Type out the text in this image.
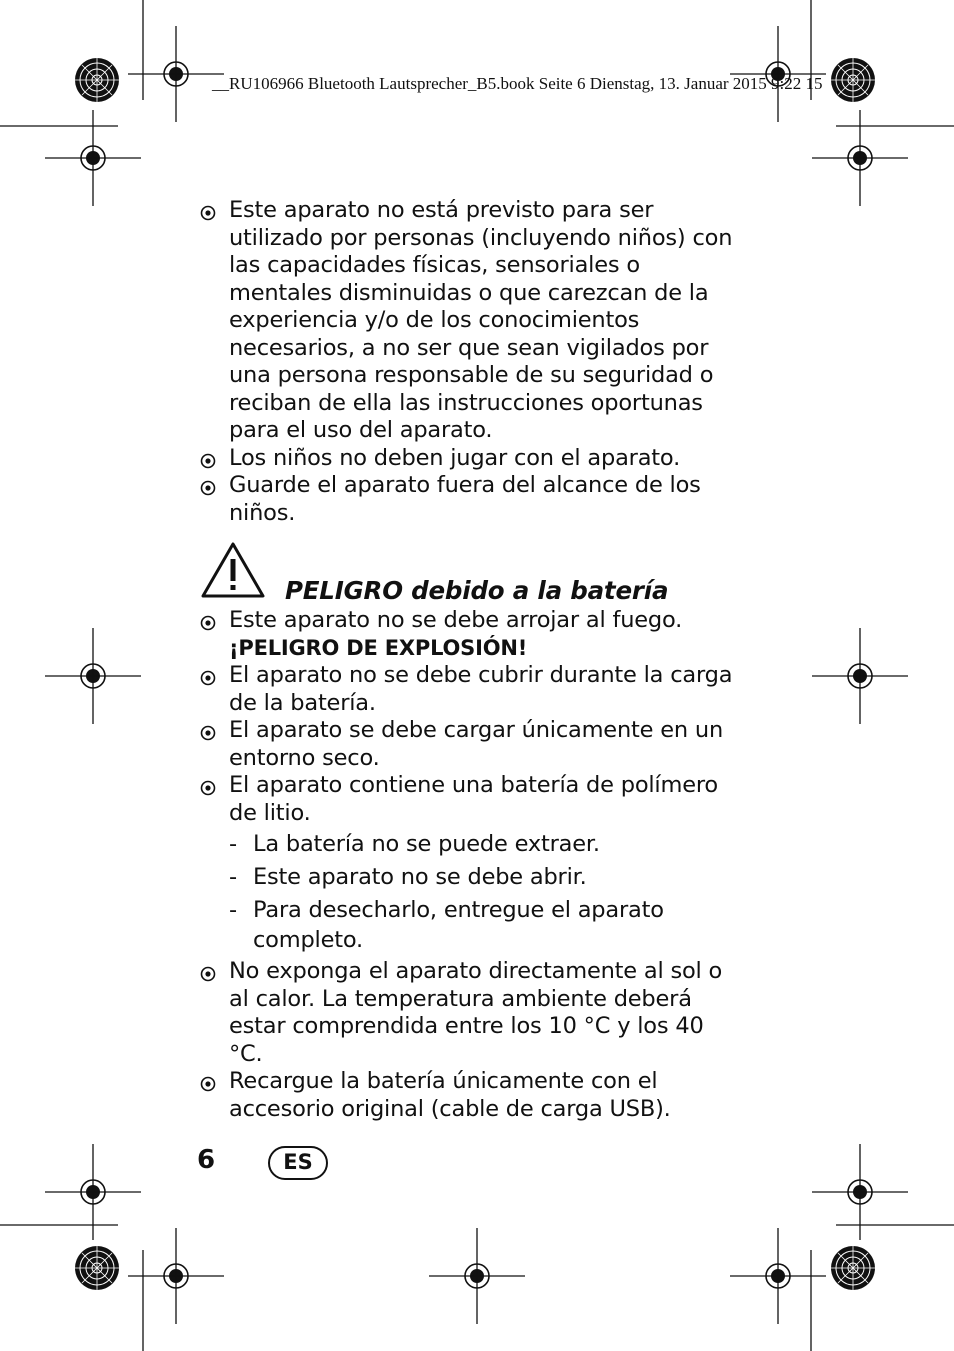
__RU106966 Bluetooth Lautsprecher_B5.book Seite 6 Dienstag, 13. Januar 2015 9:22 15
Este aparato no está previsto para ser utilizado por personas (incluyendo niños) con las capacidades físicas, sensoriales o mentales disminuidas o que carezcan de la experiencia y/o de los conocimientos necesarios, a no ser que sean vigilados por una persona responsable de su seguridad o reciban de ella las instrucciones oportunas para el uso del aparato.
Los niños no deben jugar con el aparato.
Guarde el aparato fuera del alcance de los niños.
PELIGRO debido a la batería
Este aparato no se debe arrojar al fuego.
¡PELIGRO DE EXPLOSIÓN!
El aparato no se debe cubrir durante la carga de la batería.
El aparato se debe cargar únicamente en un entorno seco.
El aparato contiene una batería de polímero de litio.
- La batería no se puede extraer.
- Este aparato no se debe abrir.
- Para desecharlo, entregue el aparato completo.
No exponga el aparato directamente al sol o al calor. La temperatura ambiente deberá estar comprendida entre los 10 °C y los 40 °C.
Recargue la batería únicamente con el accesorio original (cable de carga USB).
6	ES
